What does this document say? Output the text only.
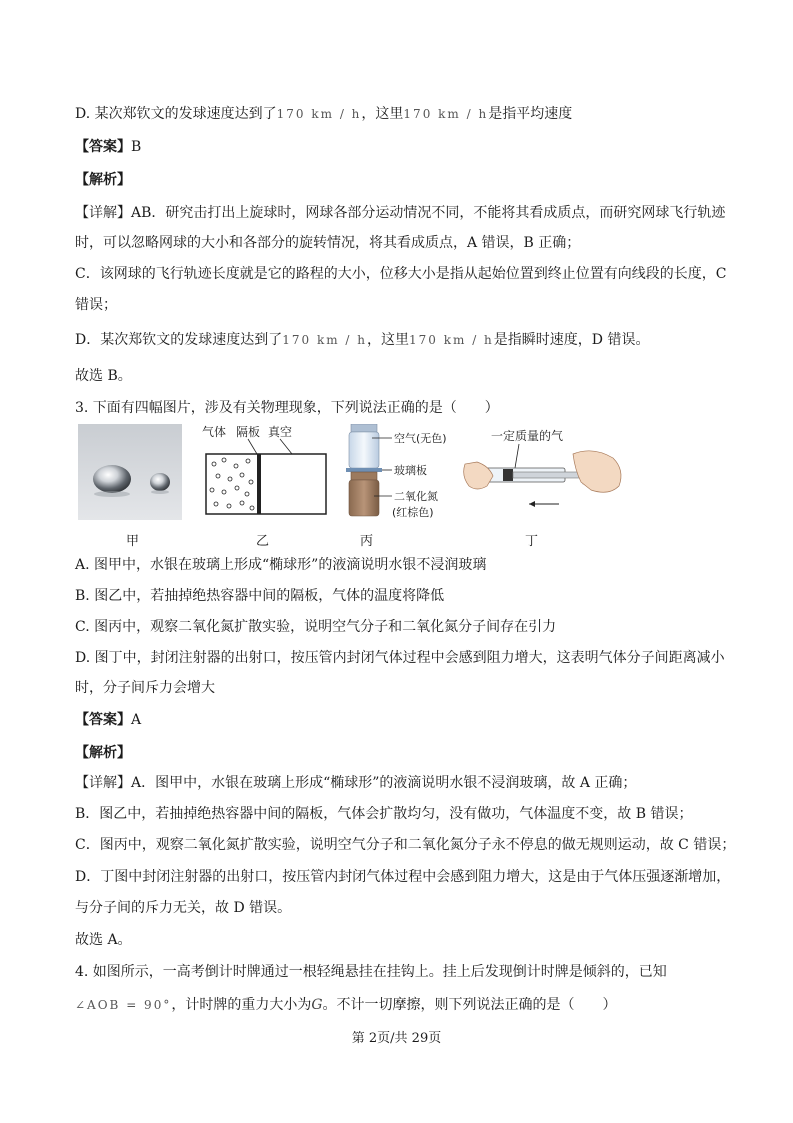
D. 某次郑钦文的发球速度达到了170 km / h，这里170 km / h是指平均速度
【答案】B
【解析】
【详解】AB．研究击打出上旋球时，网球各部分运动情况不同，不能将其看成质点，而研究网球飞行轨迹
时，可以忽略网球的大小和各部分的旋转情况，将其看成质点，A 错误，B 正确；
C．该网球的飞行轨迹长度就是它的路程的大小，位移大小是指从起始位置到终止位置有向线段的长度，C
错误；
D．某次郑钦文的发球速度达到了170 km / h，这里170 km / h是指瞬时速度，D 错误。
故选 B。
3. 下面有四幅图片，涉及有关物理现象，下列说法正确的是（　　）
A. 图甲中，水银在玻璃上形成“椭球形”的液滴说明水银不浸润玻璃
B. 图乙中，若抽掉绝热容器中间的隔板，气体的温度将降低
C. 图丙中，观察二氧化氮扩散实验，说明空气分子和二氧化氮分子间存在引力
D. 图丁中，封闭注射器的出射口，按压管内封闭气体过程中会感到阻力增大，这表明气体分子间距离减小
时，分子间斥力会增大
【答案】A
【解析】
【详解】A．图甲中，水银在玻璃上形成“椭球形”的液滴说明水银不浸润玻璃，故 A 正确；
B．图乙中，若抽掉绝热容器中间的隔板，气体会扩散均匀，没有做功，气体温度不变，故 B 错误；
C．图丙中，观察二氧化氮扩散实验，说明空气分子和二氧化氮分子永不停息的做无规则运动，故 C 错误；
D．丁图中封闭注射器的出射口，按压管内封闭气体过程中会感到阻力增大，这是由于气体压强逐渐增加，
与分子间的斥力无关，故 D 错误。
故选 A。
4. 如图所示，一高考倒计时牌通过一根轻绳悬挂在挂钩上。挂上后发现倒计时牌是倾斜的，已知
∠AOB = 90°，计时牌的重力大小为G。不计一切摩擦，则下列说法正确的是（　　）
甲
气体 隔板 真空
乙
空气(无色)
玻璃板
二氧化氮
(红棕色)
丙
一定质量的气
丁
第 2页/共 29页
